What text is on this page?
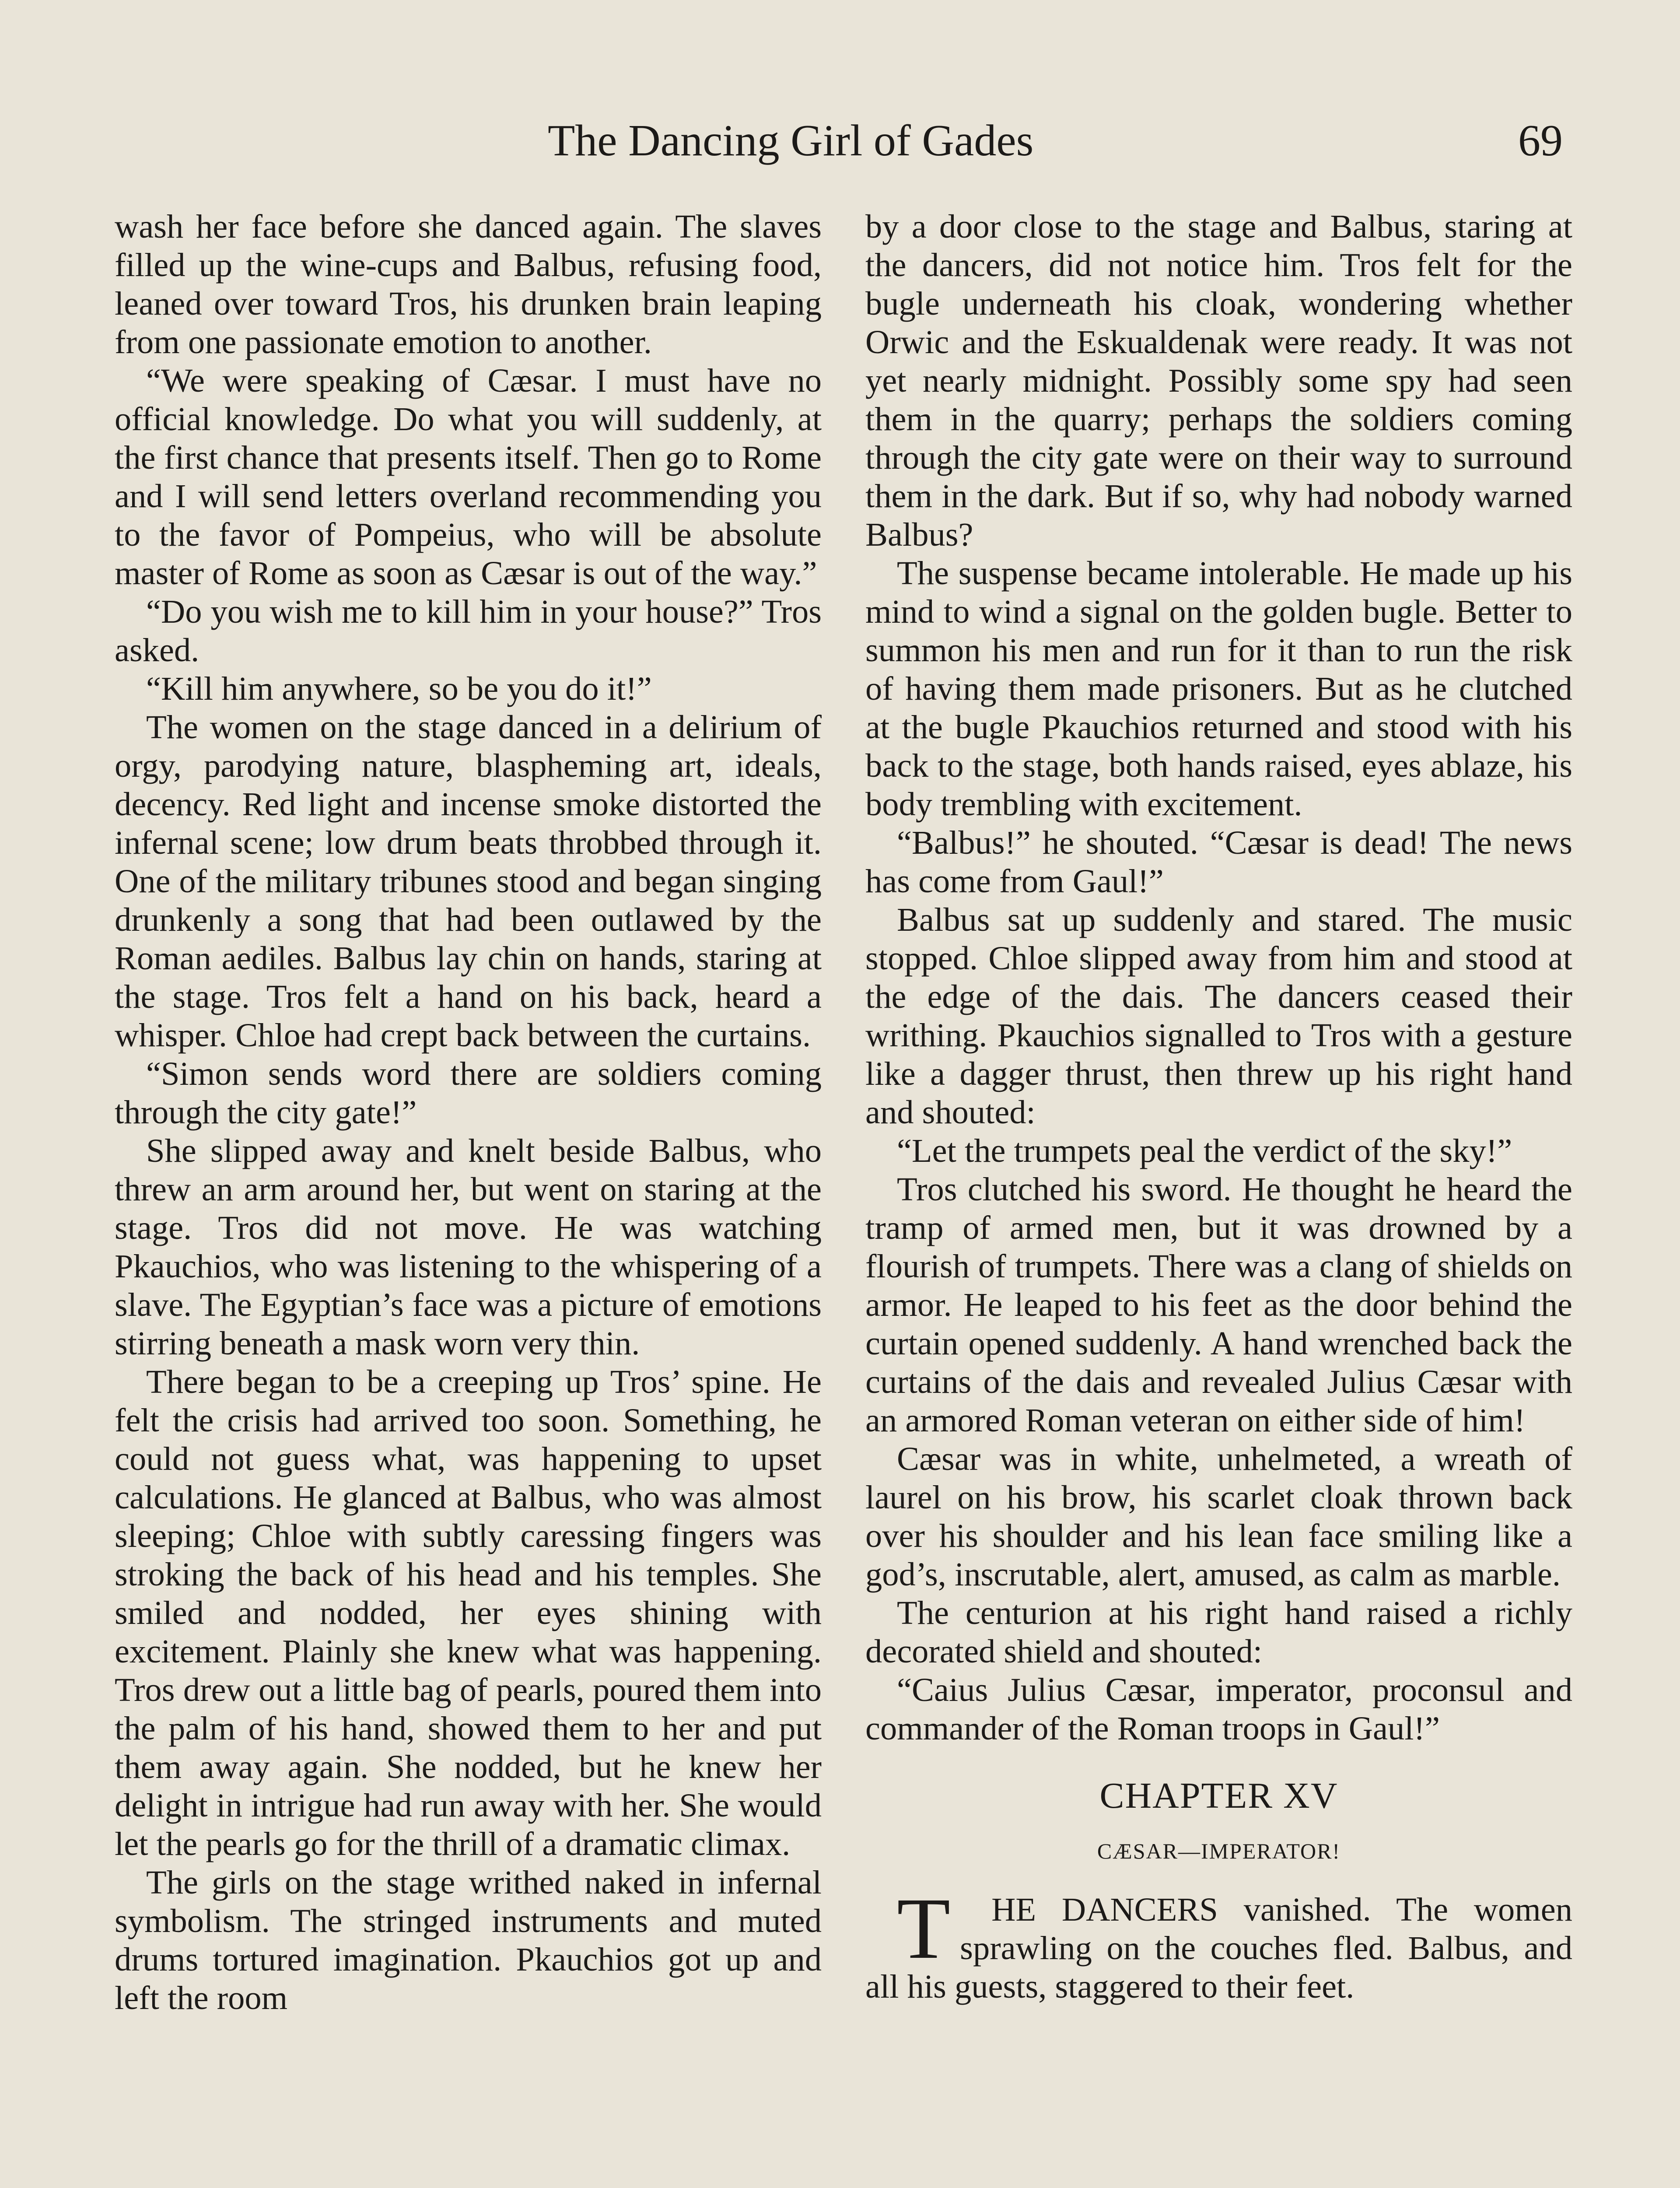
The Dancing Girl of Gades	69

wash her face before she danced again. The slaves filled up the wine-cups and Balbus, refusing food, leaned over toward Tros, his drunken brain leaping from one passionate emotion to another.

“We were speaking of Cæsar. I must have no official knowledge. Do what you will suddenly, at the first chance that presents itself. Then go to Rome and I will send letters overland recommending you to the favor of Pompeius, who will be absolute master of Rome as soon as Cæsar is out of the way.”

“Do you wish me to kill him in your house?” Tros asked.

“Kill him anywhere, so be you do it!”

The women on the stage danced in a delirium of orgy, parodying nature, blaspheming art, ideals, decency. Red light and incense smoke distorted the infernal scene; low drum beats throbbed through it. One of the military tribunes stood and began singing drunkenly a song that had been outlawed by the Roman aediles. Balbus lay chin on hands, staring at the stage. Tros felt a hand on his back, heard a whisper. Chloe had crept back between the curtains.

“Simon sends word there are soldiers coming through the city gate!”

She slipped away and knelt beside Balbus, who threw an arm around her, but went on staring at the stage. Tros did not move. He was watching Pkauchios, who was listening to the whispering of a slave. The Egyptian’s face was a picture of emotions stirring beneath a mask worn very thin.

There began to be a creeping up Tros’ spine. He felt the crisis had arrived too soon. Something, he could not guess what, was happening to upset calculations. He glanced at Balbus, who was almost sleeping; Chloe with subtly caressing fingers was stroking the back of his head and his temples. She smiled and nodded, her eyes shining with excitement. Plainly she knew what was happening. Tros drew out a little bag of pearls, poured them into the palm of his hand, showed them to her and put them away again. She nodded, but he knew her delight in intrigue had run away with her. She would let the pearls go for the thrill of a dramatic climax.

The girls on the stage writhed naked in infernal symbolism. The stringed instruments and muted drums tortured imagination. Pkauchios got up and left the room

by a door close to the stage and Balbus, staring at the dancers, did not notice him. Tros felt for the bugle underneath his cloak, wondering whether Orwic and the Eskualdenak were ready. It was not yet nearly midnight. Possibly some spy had seen them in the quarry; perhaps the soldiers coming through the city gate were on their way to surround them in the dark. But if so, why had nobody warned Balbus?

The suspense became intolerable. He made up his mind to wind a signal on the golden bugle. Better to summon his men and run for it than to run the risk of having them made prisoners. But as he clutched at the bugle Pkauchios returned and stood with his back to the stage, both hands raised, eyes ablaze, his body trembling with excitement.

“Balbus!” he shouted. “Cæsar is dead! The news has come from Gaul!”

Balbus sat up suddenly and stared. The music stopped. Chloe slipped away from him and stood at the edge of the dais. The dancers ceased their writhing. Pkauchios signalled to Tros with a gesture like a dagger thrust, then threw up his right hand and shouted:

“Let the trumpets peal the verdict of the sky!”

Tros clutched his sword. He thought he heard the tramp of armed men, but it was drowned by a flourish of trumpets. There was a clang of shields on armor. He leaped to his feet as the door behind the curtain opened suddenly. A hand wrenched back the curtains of the dais and revealed Julius Cæsar with an armored Roman veteran on either side of him!

Cæsar was in white, unhelmeted, a wreath of laurel on his brow, his scarlet cloak thrown back over his shoulder and his lean face smiling like a god’s, inscrutable, alert, amused, as calm as marble.

The centurion at his right hand raised a richly decorated shield and shouted:

“Caius Julius Cæsar, imperator, proconsul and commander of the Roman troops in Gaul!”

CHAPTER XV
CÆSAR—IMPERATOR!

T HE DANCERS vanished. The women sprawling on the couches fled. Balbus, and all his guests, staggered to their feet.
